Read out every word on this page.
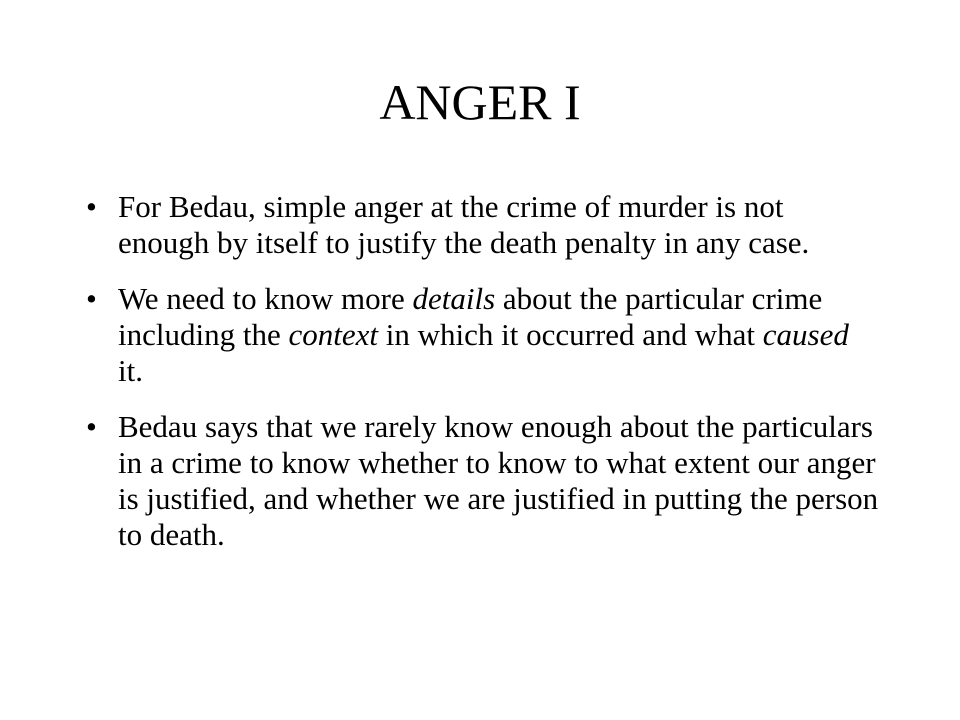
ANGER I
• For Bedau, simple anger at the crime of murder is not enough by itself to justify the death penalty in any case.
• We need to know more details about the particular crime including the context in which it occurred and what caused it.
• Bedau says that we rarely know enough about the particulars in a crime to know whether to know to what extent our anger is justified, and whether we are justified in putting the person to death.
